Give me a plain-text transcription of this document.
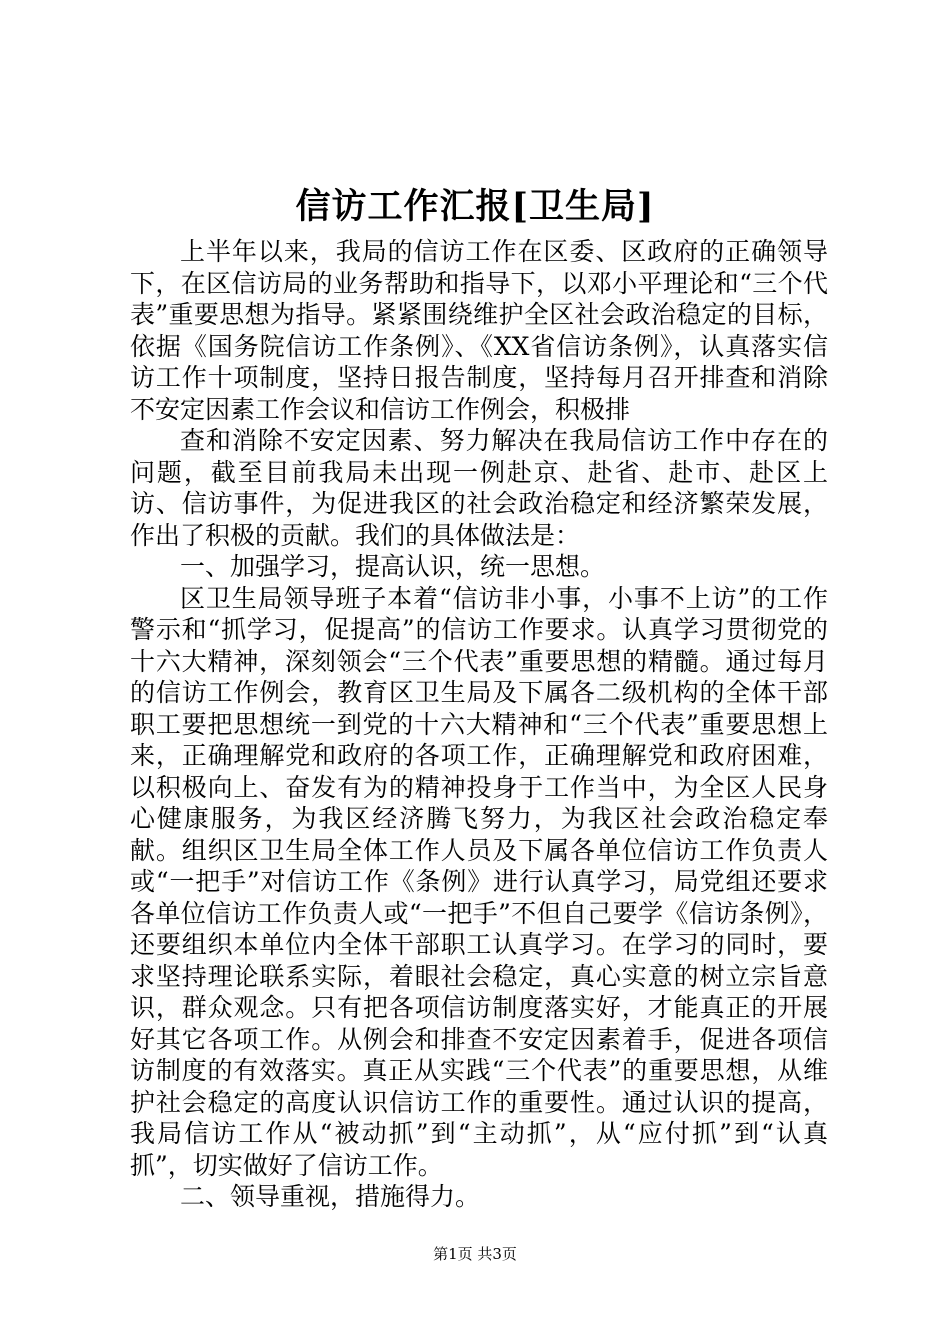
信访工作汇报[卫生局]

上半年以来，我局的信访工作在区委、区政府的正确领导下，在区信访局的业务帮助和指导下，以邓小平理论和“三个代表”重要思想为指导。紧紧围绕维护全区社会政治稳定的目标，依据《国务院信访工作条例》、《XX省信访条例》，认真落实信访工作十项制度，坚持日报告制度，坚持每月召开排查和消除不安定因素工作会议和信访工作例会，积极排

查和消除不安定因素、努力解决在我局信访工作中存在的问题，截至目前我局未出现一例赴京、赴省、赴市、赴区上访、信访事件，为促进我区的社会政治稳定和经济繁荣发展，作出了积极的贡献。我们的具体做法是：

一、加强学习，提高认识，统一思想。

区卫生局领导班子本着“信访非小事，小事不上访”的工作警示和“抓学习，促提高”的信访工作要求。认真学习贯彻党的十六大精神，深刻领会“三个代表”重要思想的精髓。通过每月的信访工作例会，教育区卫生局及下属各二级机构的全体干部职工要把思想统一到党的十六大精神和“三个代表”重要思想上来，正确理解党和政府的各项工作，正确理解党和政府困难，以积极向上、奋发有为的精神投身于工作当中，为全区人民身心健康服务，为我区经济腾飞努力，为我区社会政治稳定奉献。组织区卫生局全体工作人员及下属各单位信访工作负责人或“一把手”对信访工作《条例》进行认真学习，局党组还要求各单位信访工作负责人或“一把手”不但自己要学《信访条例》，还要组织本单位内全体干部职工认真学习。在学习的同时，要求坚持理论联系实际，着眼社会稳定，真心实意的树立宗旨意识，群众观念。只有把各项信访制度落实好，才能真正的开展好其它各项工作。从例会和排查不安定因素着手，促进各项信访制度的有效落实。真正从实践“三个代表”的重要思想，从维护社会稳定的高度认识信访工作的重要性。通过认识的提高，我局信访工作从“被动抓”到“主动抓”，从“应付抓”到“认真抓”，切实做好了信访工作。

二、领导重视，措施得力。

第1页 共3页
